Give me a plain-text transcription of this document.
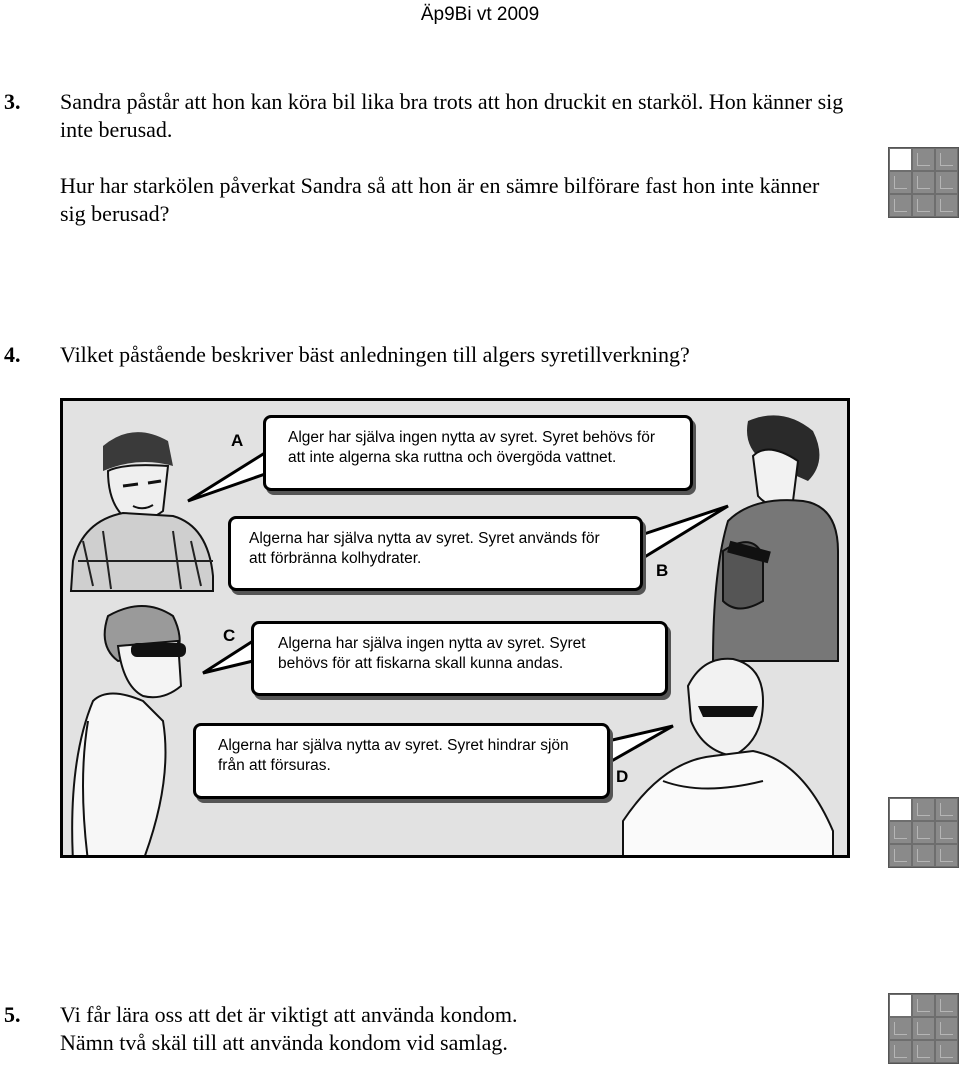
Äp9Bi vt 2009
3. Sandra påstår att hon kan köra bil lika bra trots att hon druckit en starköl. Hon känner sig inte berusad.

Hur har starkölen påverkat Sandra så att hon är en sämre bilförare fast hon inte känner sig berusad?

4. Vilket påstående beskriver bäst anledningen till algers syretillverkning?

A	Alger har själva ingen nytta av syret. Syret behövs för att inte algerna ska ruttna och övergöda vattnet.
Algerna har själva nytta av syret. Syret används för att förbränna kolhydrater.
B
C	Algerna har själva ingen nytta av syret. Syret behövs för att fiskarna skall kunna andas.
Algerna har själva nytta av syret. Syret hindrar sjön från att försuras.
D
5. Vi får lära oss att det är viktigt att använda kondom.

Nämn två skäl till att använda kondom vid samlag.
